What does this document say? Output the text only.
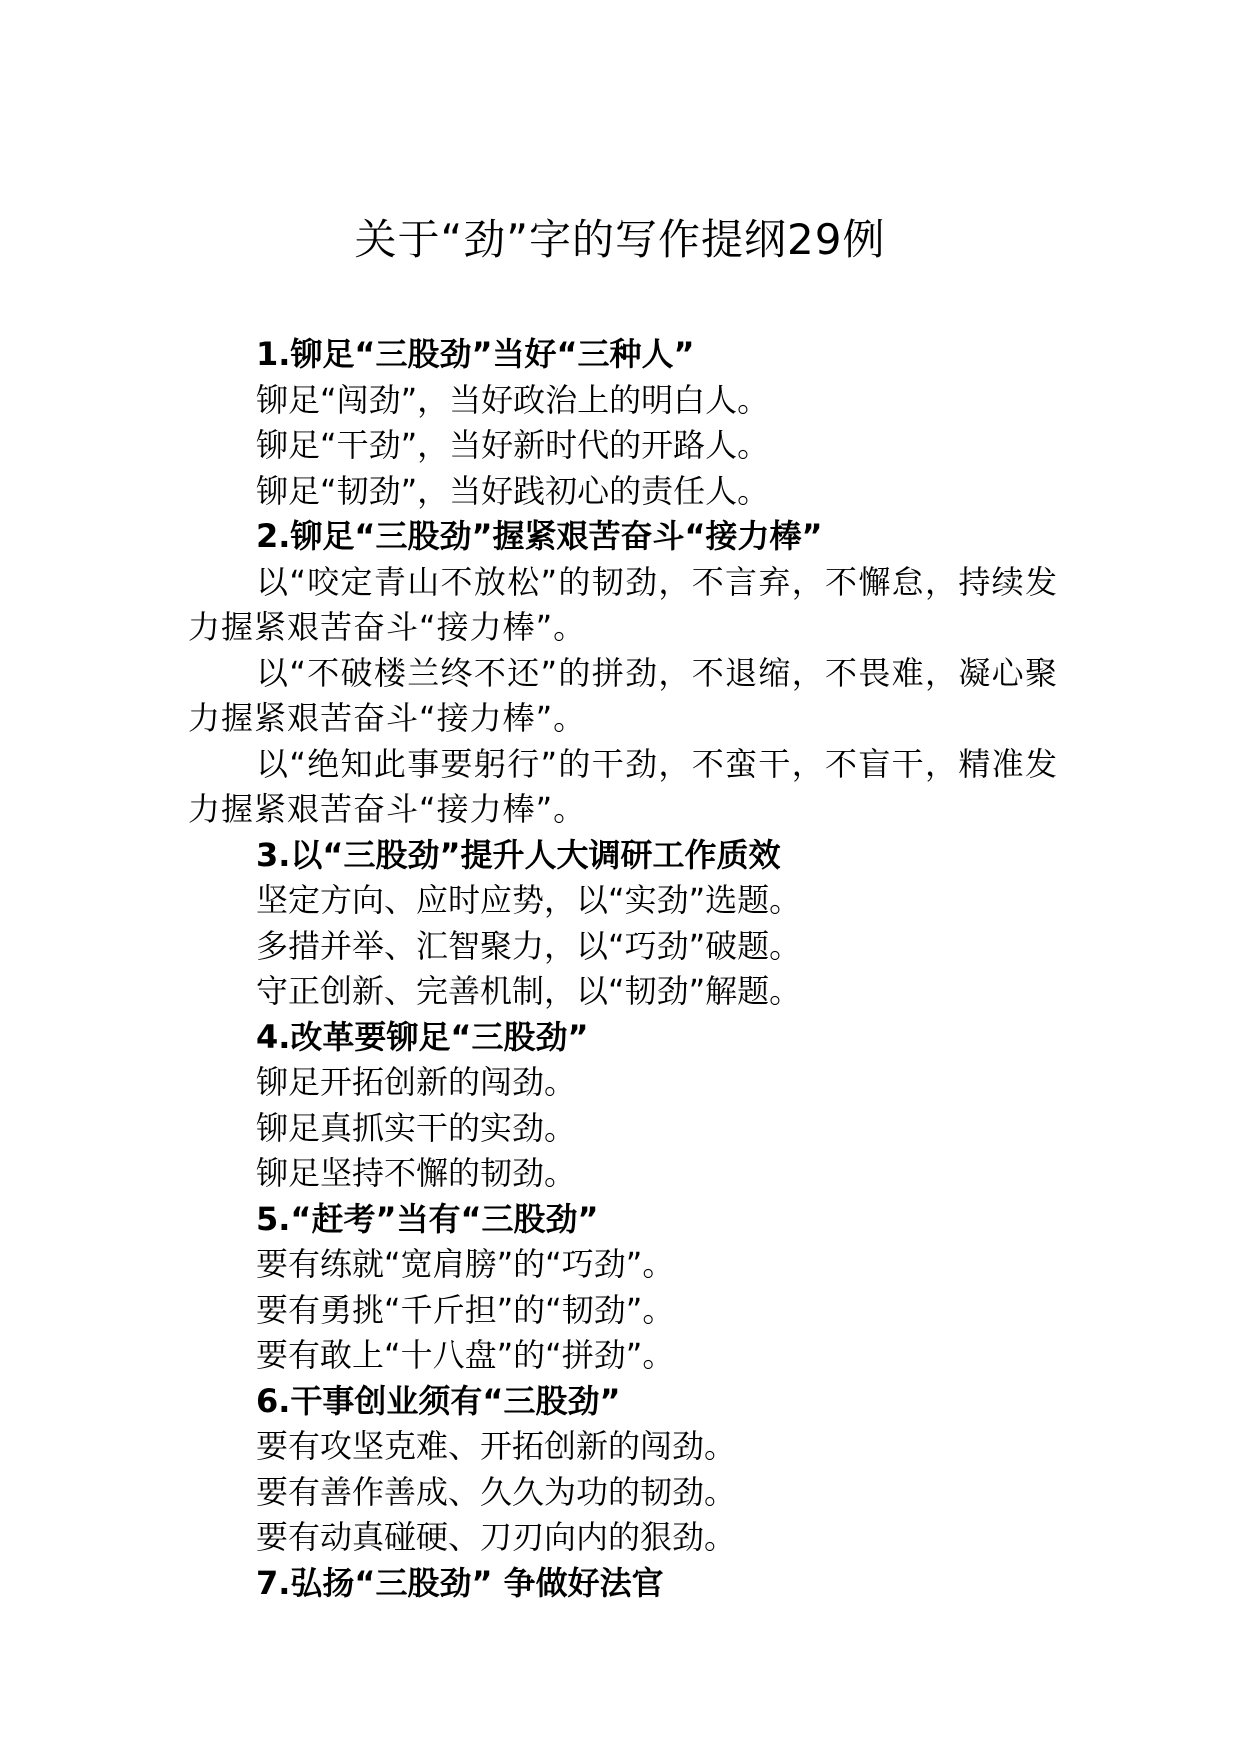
关于“劲”字的写作提纲29例
1.铆足“三股劲”当好“三种人”
铆足“闯劲”，当好政治上的明白人。
铆足“干劲”，当好新时代的开路人。
铆足“韧劲”，当好践初心的责任人。
2.铆足“三股劲”握紧艰苦奋斗“接力棒”

以“咬定青山不放松”的韧劲，不言弃，不懈怠，持续发力握紧艰苦奋斗“接力棒”。

以“不破楼兰终不还”的拼劲，不退缩，不畏难，凝心聚力握紧艰苦奋斗“接力棒”。

以“绝知此事要躬行”的干劲，不蛮干，不盲干，精准发力握紧艰苦奋斗“接力棒”。

3.以“三股劲”提升人大调研工作质效
坚定方向、应时应势，以“实劲”选题。
多措并举、汇智聚力，以“巧劲”破题。
守正创新、完善机制，以“韧劲”解题。
4.改革要铆足“三股劲”
铆足开拓创新的闯劲。
铆足真抓实干的实劲。
铆足坚持不懈的韧劲。
5.“赶考”当有“三股劲”
要有练就“宽肩膀”的“巧劲”。
要有勇挑“千斤担”的“韧劲”。
要有敢上“十八盘”的“拼劲”。
6.干事创业须有“三股劲”
要有攻坚克难、开拓创新的闯劲。
要有善作善成、久久为功的韧劲。
要有动真碰硬、刀刃向内的狠劲。
7.弘扬“三股劲” 争做好法官
